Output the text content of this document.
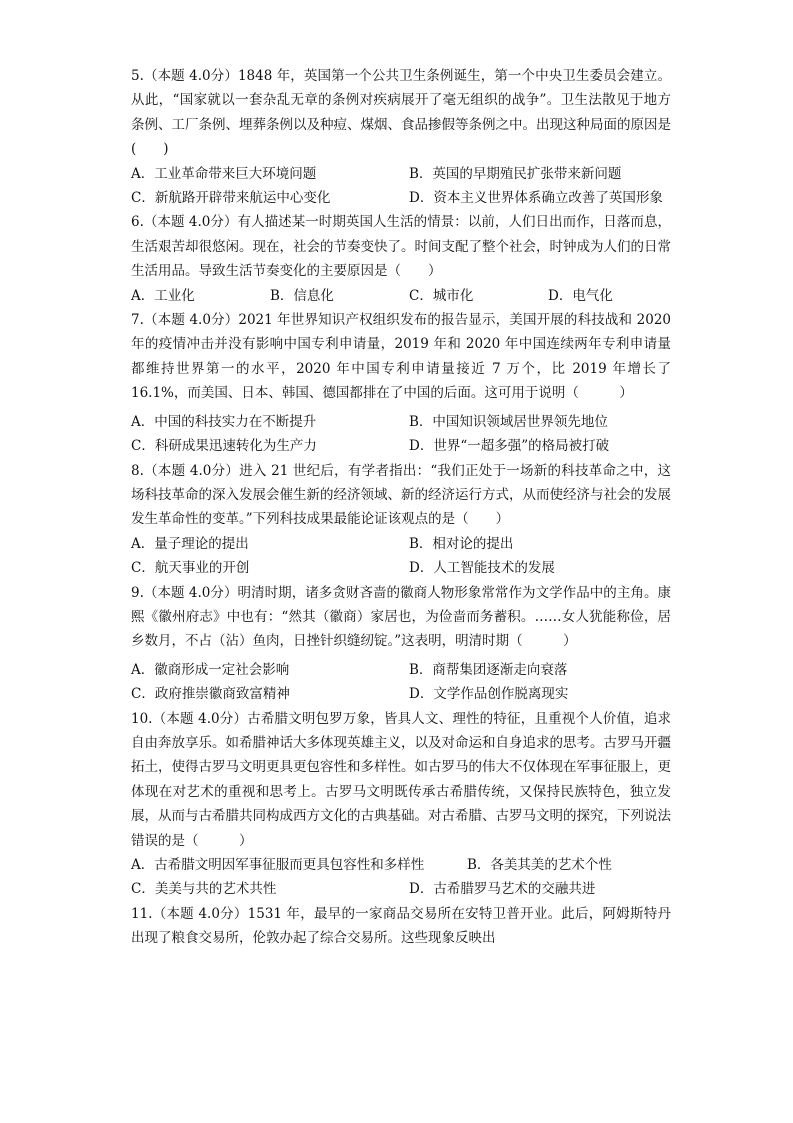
5.（本题 4.0分）1848 年，英国第一个公共卫生条例诞生，第一个中央卫生委员会建立。从此，“国家就以一套杂乱无章的条例对疾病展开了毫无组织的战争”。卫生法散见于地方条例、工厂条例、埋葬条例以及种痘、煤烟、食品掺假等条例之中。出现这种局面的原因是(　　)

A．工业革命带来巨大环境问题	B．英国的早期殖民扩张带来新问题
C．新航路开辟带来航运中心变化	D．资本主义世界体系确立改善了英国形象

6.（本题 4.0分）有人描述某一时期英国人生活的情景：以前，人们日出而作，日落而息，生活艰苦却很悠闲。现在，社会的节奏变快了。时间支配了整个社会，时钟成为人们的日常生活用品。导致生活节奏变化的主要原因是（　　）

A．工业化	B．信息化	C．城市化	D．电气化

7.（本题 4.0分）2021 年世界知识产权组织发布的报告显示，美国开展的科技战和 2020 年的疫情冲击并没有影响中国专利申请量，2019 年和 2020 年中国连续两年专利申请量都维持世界第一的水平，2020 年中国专利申请量接近 7 万个，比 2019 年增长了 16.1%，而美国、日本、韩国、德国都排在了中国的后面。这可用于说明（　　　）

A．中国的科技实力在不断提升	B．中国知识领域居世界领先地位
C．科研成果迅速转化为生产力	D．世界“一超多强”的格局被打破

8.（本题 4.0分）进入 21 世纪后，有学者指出：“我们正处于一场新的科技革命之中，这场科技革命的深入发展会催生新的经济领域、新的经济运行方式，从而使经济与社会的发展发生革命性的变革。”下列科技成果最能论证该观点的是（　　）

A．量子理论的提出	B．相对论的提出
C．航天事业的开创	D．人工智能技术的发展

9.（本题 4.0分）明清时期，诸多贪财吝啬的徽商人物形象常常作为文学作品中的主角。康熙《徽州府志》中也有：“然其（徽商）家居也，为俭啬而务蓄积。……女人犹能称俭，居乡数月，不占（沾）鱼肉，日挫针织缝纫锭。”这表明，明清时期（　　　）

A．徽商形成一定社会影响	B．商帮集团逐渐走向衰落
C．政府推崇徽商致富精神	D．文学作品创作脱离现实

10.（本题 4.0分）古希腊文明包罗万象，皆具人文、理性的特征，且重视个人价值，追求自由奔放享乐。如希腊神话大多体现英雄主义，以及对命运和自身追求的思考。古罗马开疆拓土，使得古罗马文明更具更包容性和多样性。如古罗马的伟大不仅体现在军事征服上，更体现在对艺术的重视和思考上。古罗马文明既传承古希腊传统，又保持民族特色，独立发展，从而与古希腊共同构成西方文化的古典基础。对古希腊、古罗马文明的探究，下列说法错误的是（　　　）

A．古希腊文明因军事征服而更具包容性和多样性	B．各美其美的艺术个性
C．美美与共的艺术共性	D．古希腊罗马艺术的交融共进

11.（本题 4.0分）1531 年，最早的一家商品交易所在安特卫普开业。此后，阿姆斯特丹出现了粮食交易所，伦敦办起了综合交易所。这些现象反映出
